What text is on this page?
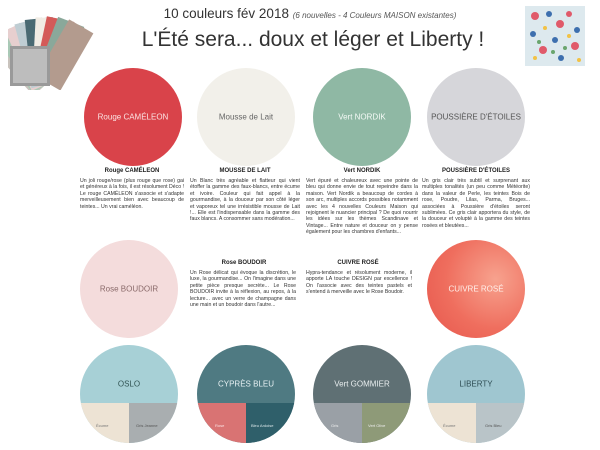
10 couleurs fév 2018 (6 nouvelles - 4 Couleurs MAISON existantes)
L'Été sera... doux et léger et Liberty !
Rouge CAMÉLEON	Mousse de Lait	Vert NORDIK	POUSSIÈRE D'ÉTOILES
Rouge CAMÉLEON
Un joli rouge/rose (plus rouge que rose) gai et généreux à la fois, il est résolument Déco ! Le rouge CAMÉLEON s'associe et s'adapte merveilleusement bien avec beaucoup de teintes... Un vrai caméléon.
MOUSSE DE LAIT
Un Blanc très agréable et flatteur qui vient étoffer la gamme des faux-blancs, entre écume et ivoire. Couleur qui fait appel à la gourmandise, à la douceur par son côté léger et vaporeux tel une irrésistible mousse de Lait !... Elle est l'indispensable dans la gamme des faux blancs. A consommer sans modération...
Vert NORDIK
Vert épuré et chaleureux avec une pointe de bleu qui donne envie de tout repeindre dans la maison. Vert Nordik a beaucoup de cordes à son arc, multiples accords possibles notamment avec les 4 nouvelles Couleurs Maison qui rejoignent le nuancier principal ? De quoi nourrir les idées sur les thèmes Scandinave et Vintage... Entre nature et douceur on y pense également pour les chambres d'enfants...
POUSSIÈRE D'ÉTOILES
Un gris clair très subtil et surprenant aux multiples tonalités (un peu comme Météorite) dans la valeur de Perle, les teintes Bois de rose, Poudre, Lilas, Parma, Bruges... associées à Poussière d'étoiles seront sublimées. Ce gris clair apportera du style, de la douceur et volupté à la gamme des teintes rosées et bleutées...
Rose BOUDOIR	CUIVRE ROSÉ
Rose BOUDOIR
Un Rose délicat qui évoque la discrétion, le luxe, la gourmandise... On l'imagine dans une petite pièce presque secrète... Le Rose BOUDOIR invite à la réflexion, au repos, à la lecture... avec un verre de champagne dans une main et un boudoir dans l'autre...
CUIVRE ROSÉ
Hypra-tendance et résolument moderne, il apporte LA touche DESIGN par excellence ! On l'associe avec des teintes pastels et s'entend à merveille avec le Rose Boudoir.
OSLO
Écume	Gris Jeanne
CYPRÈS BLEU
Rose	Bleu Ardoise
Vert GOMMIER
Gris	Vert Olive
LIBERTY
Écume	Gris Bleu
